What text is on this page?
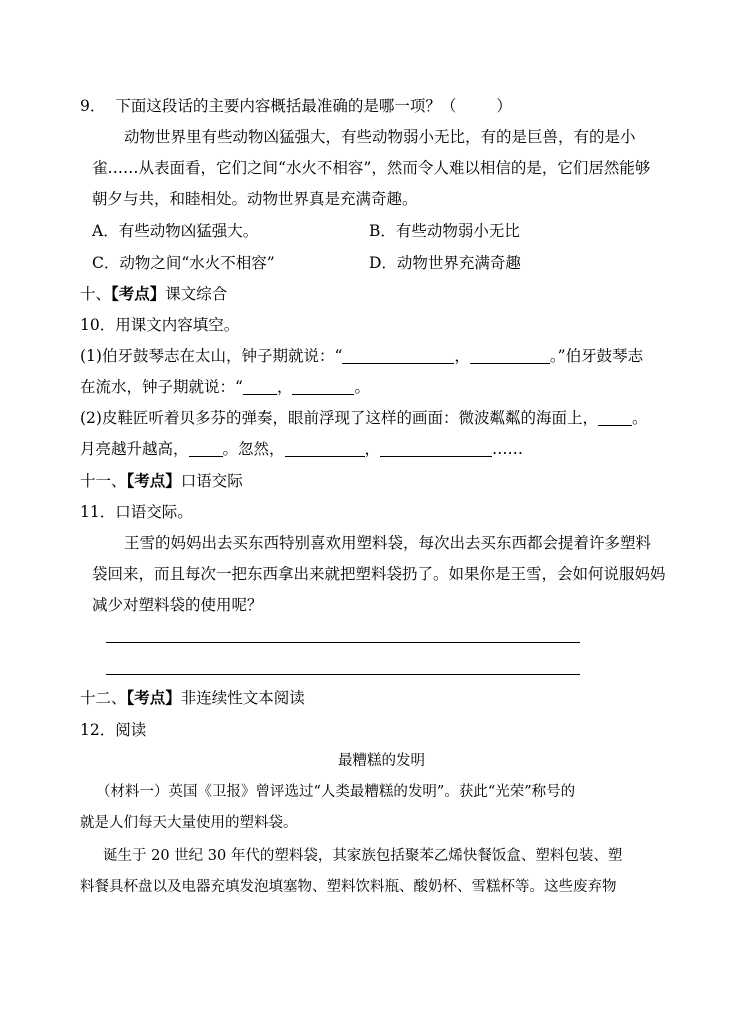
9． 下面这段话的主要内容概括最准确的是哪一项？（	）
动物世界里有些动物凶猛强大，有些动物弱小无比，有的是巨兽，有的是小
雀……从表面看，它们之间“水火不相容”，然而令人难以相信的是，它们居然能够
朝夕与共，和睦相处。动物世界真是充满奇趣。
A．有些动物凶猛强大。	B．有些动物弱小无比
C．动物之间“水火不相容”	D．动物世界充满奇趣
十、【考点】课文综合
10．用课文内容填空。
(1)伯牙鼓琴志在太山，钟子期就说：“	，	。”伯牙鼓琴志
在流水，钟子期就说：“ ，	。
(2)皮鞋匠听着贝多芬的弹奏，眼前浮现了这样的画面：微波粼粼的海面上， 。
月亮越升越高， 。忽然，	，	……
十一、【考点】口语交际
11．口语交际。
王雪的妈妈出去买东西特别喜欢用塑料袋，每次出去买东西都会提着许多塑料
袋回来，而且每次一把东西拿出来就把塑料袋扔了。如果你是王雪，会如何说服妈妈
减少对塑料袋的使用呢？
十二、【考点】非连续性文本阅读
12．阅读
最糟糕的发明
（材料一）英国《卫报》曾评选过“人类最糟糕的发明”。获此“光荣”称号的
就是人们每天大量使用的塑料袋。
诞生于 20 世纪 30 年代的塑料袋，其家族包括聚苯乙烯快餐饭盒、塑料包装、塑
料餐具杯盘以及电器充填发泡填塞物、塑料饮料瓶、酸奶杯、雪糕杯等。这些废弃物
